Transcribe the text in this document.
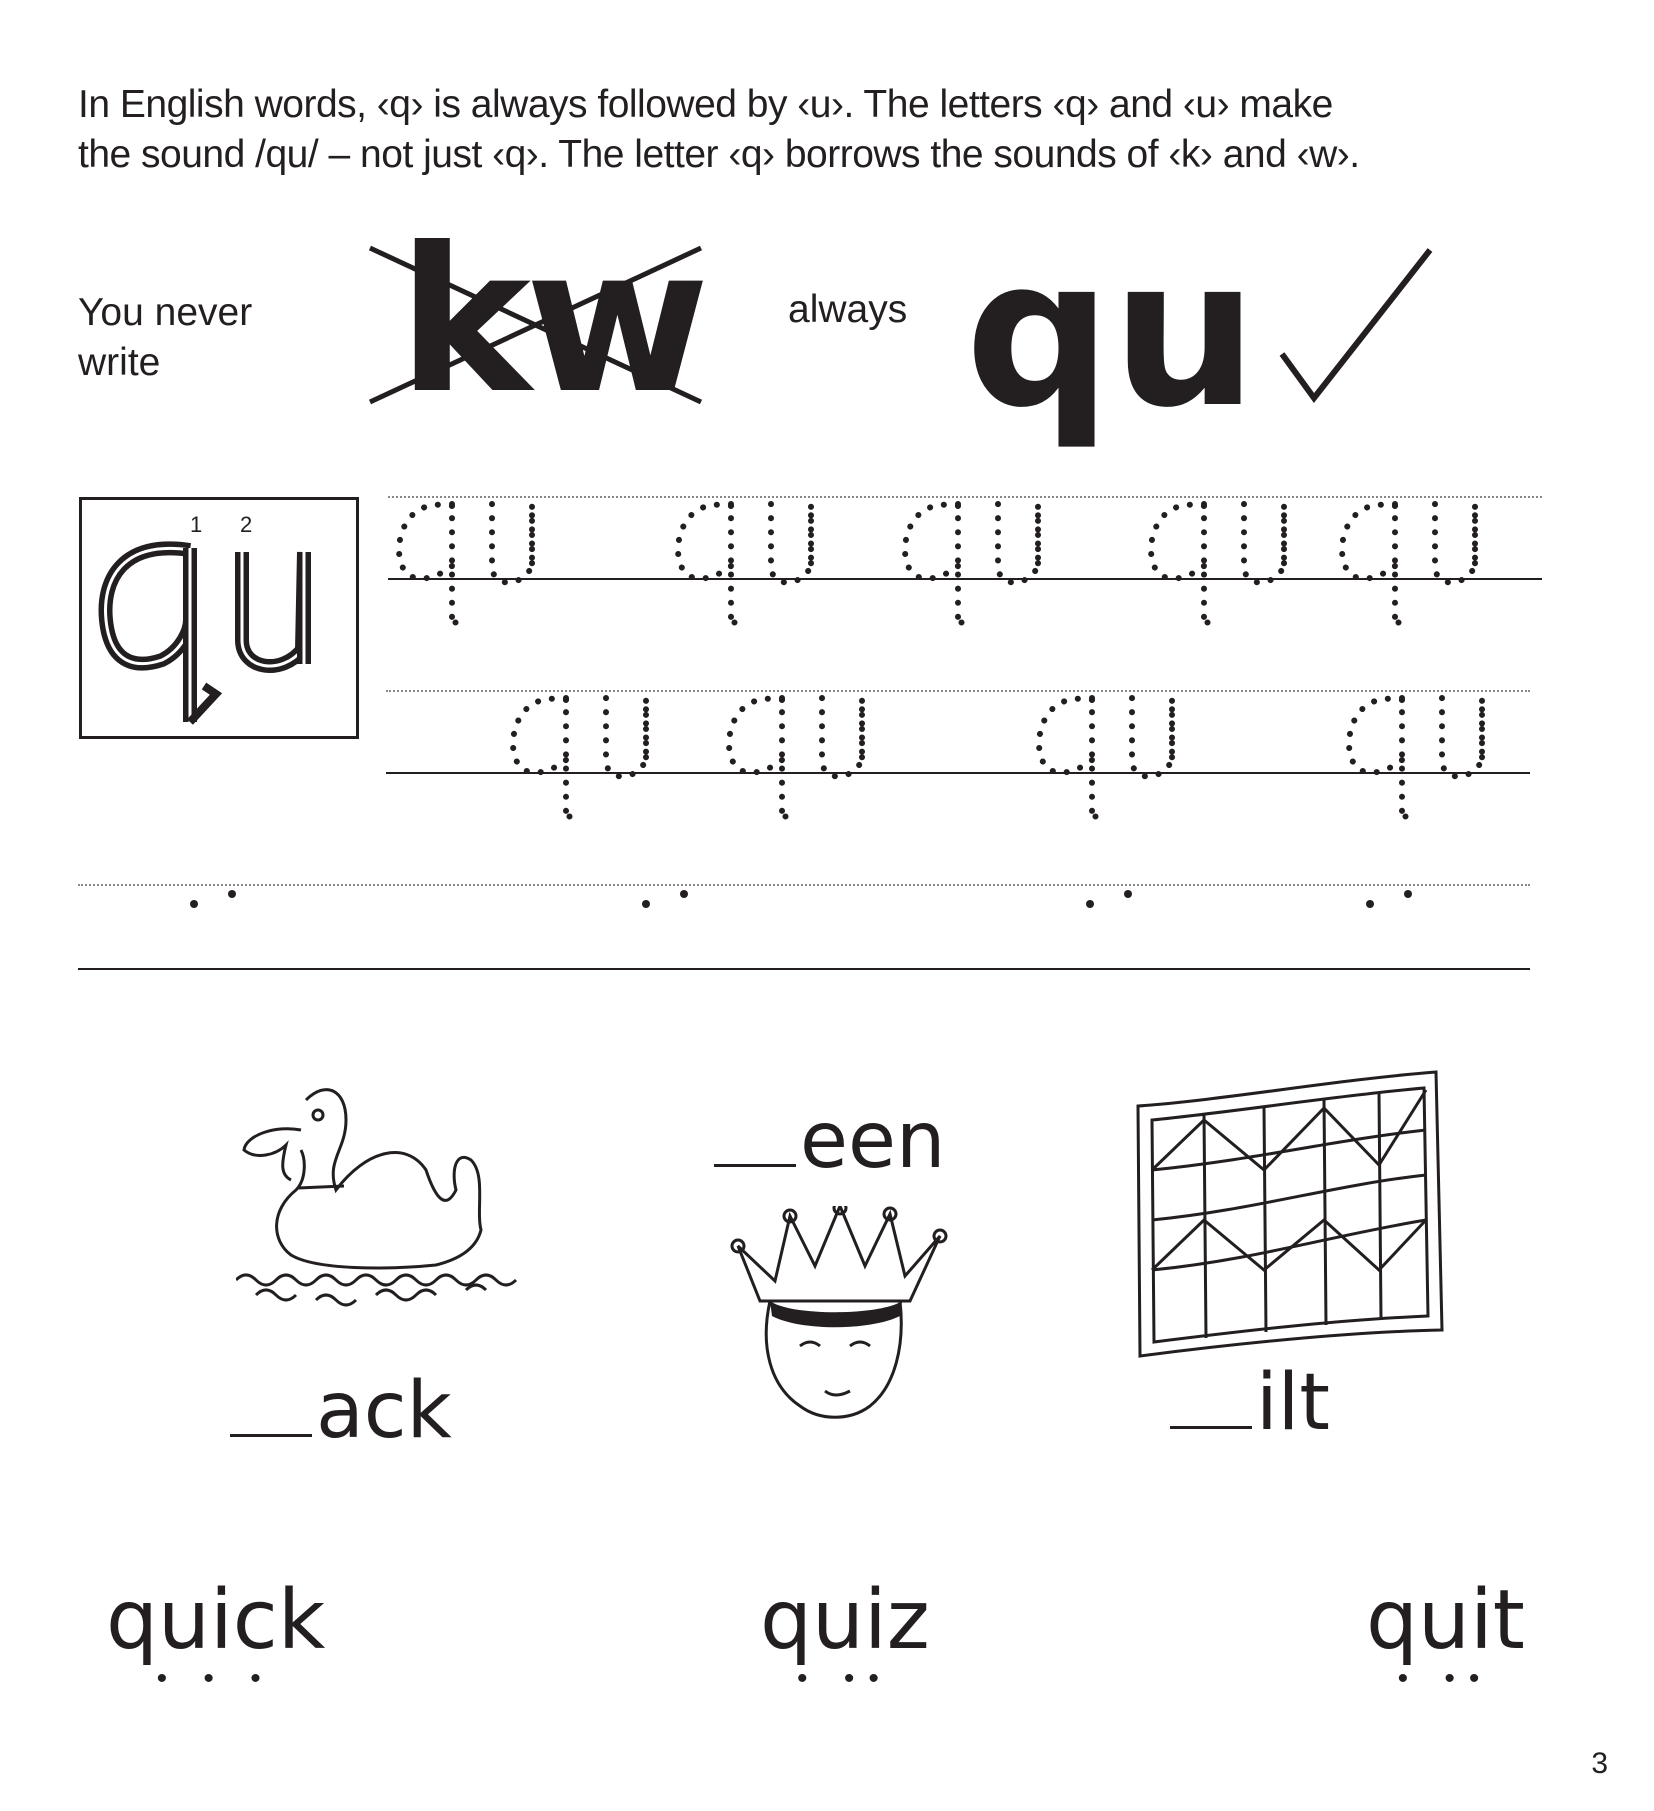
In English words, ‹q› is always followed by ‹u›. The letters ‹q› and ‹u› make
the sound /qu/ – not just ‹q›. The letter ‹q› borrows the sounds of ‹k› and ‹w›.
You never
write	kw always qu
1 2
ack
een
ilt
quick
• • •
quiz
• ••
quit
• ••
3
